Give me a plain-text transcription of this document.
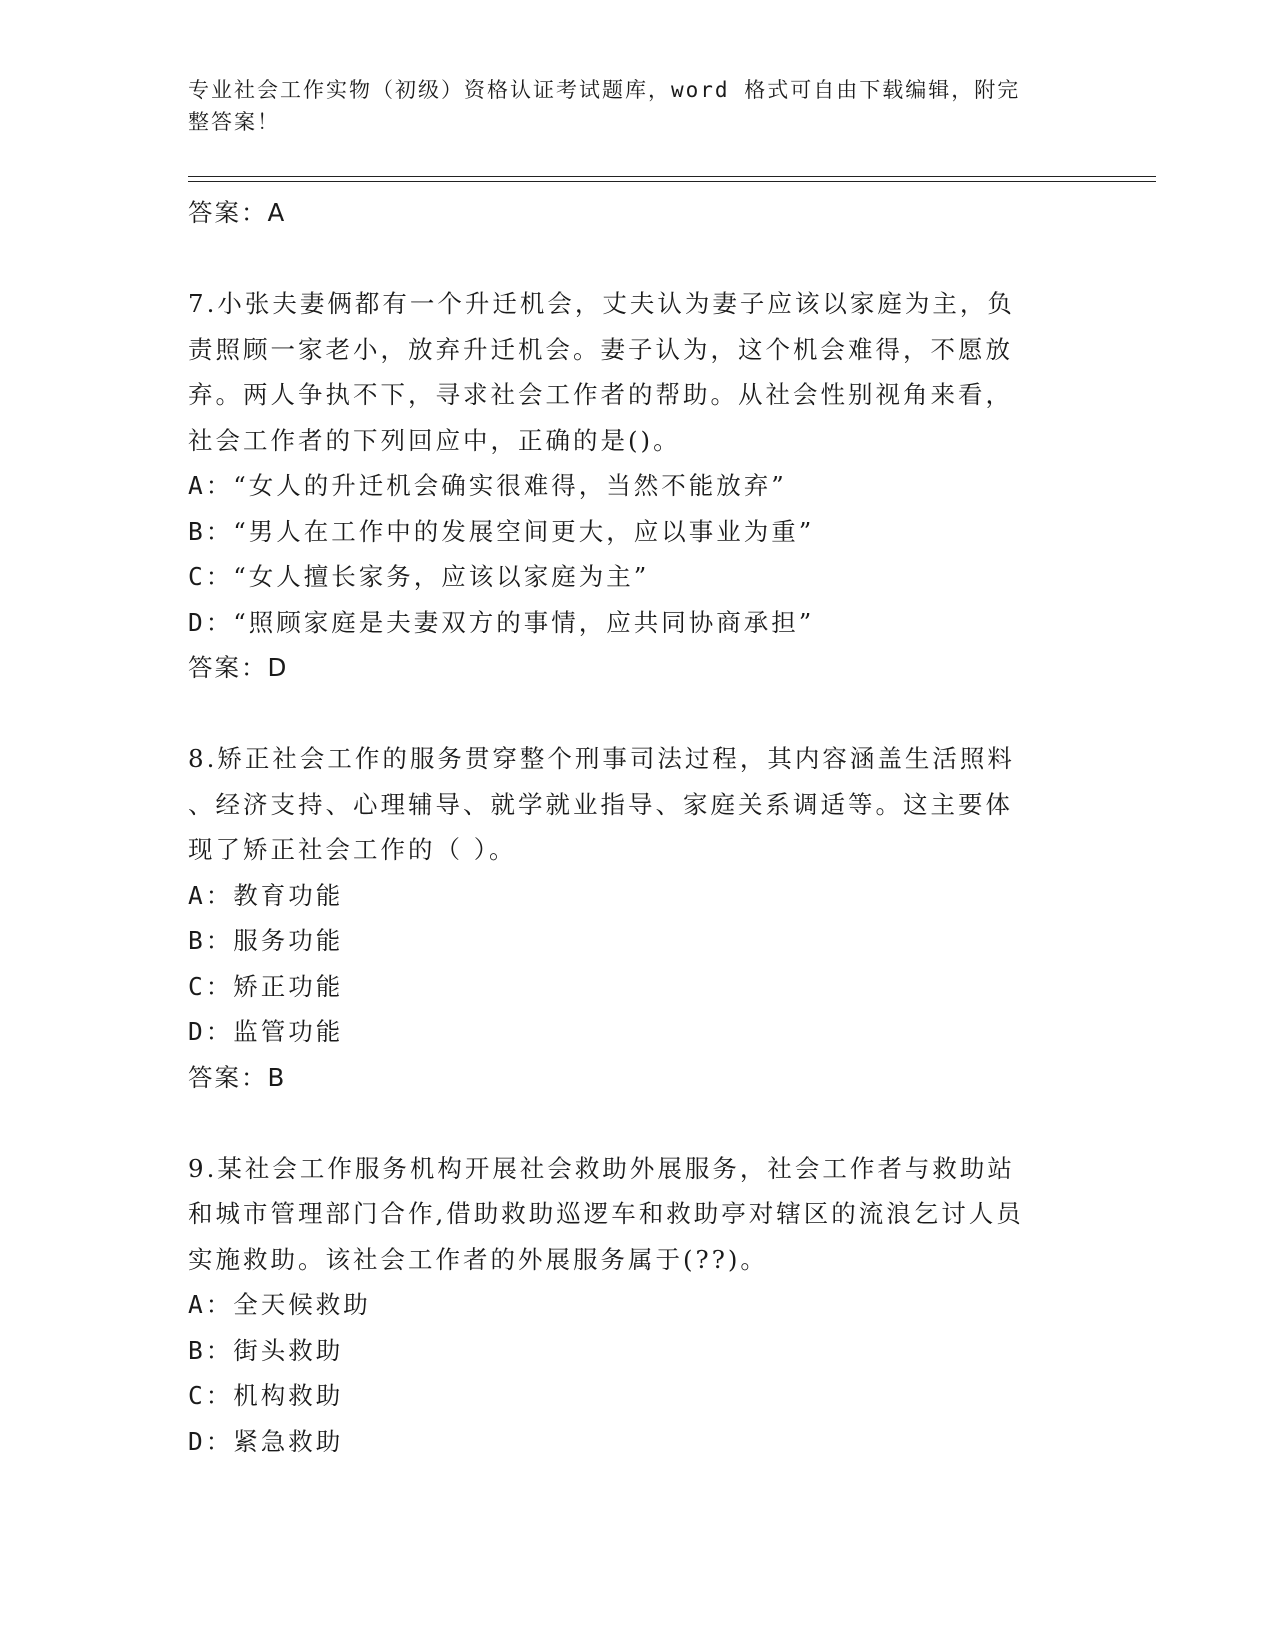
专业社会工作实物（初级）资格认证考试题库，word 格式可自由下载编辑，附完
整答案！
答案：A
7.小张夫妻俩都有一个升迁机会，丈夫认为妻子应该以家庭为主，负
责照顾一家老小，放弃升迁机会。妻子认为，这个机会难得，不愿放
弃。两人争执不下，寻求社会工作者的帮助。从社会性别视角来看，
社会工作者的下列回应中，正确的是()。
A：“女人的升迁机会确实很难得，当然不能放弃”
B：“男人在工作中的发展空间更大，应以事业为重”
C：“女人擅长家务，应该以家庭为主”
D：“照顾家庭是夫妻双方的事情，应共同协商承担”
答案：D
8.矫正社会工作的服务贯穿整个刑事司法过程，其内容涵盖生活照料
、经济支持、心理辅导、就学就业指导、家庭关系调适等。这主要体
现了矫正社会工作的（ ）。
A：教育功能
B：服务功能
C：矫正功能
D：监管功能
答案：B
9.某社会工作服务机构开展社会救助外展服务，社会工作者与救助站
和城市管理部门合作,借助救助巡逻车和救助亭对辖区的流浪乞讨人员
实施救助。该社会工作者的外展服务属于(??)。
A：全天候救助
B：街头救助
C：机构救助
D：紧急救助
